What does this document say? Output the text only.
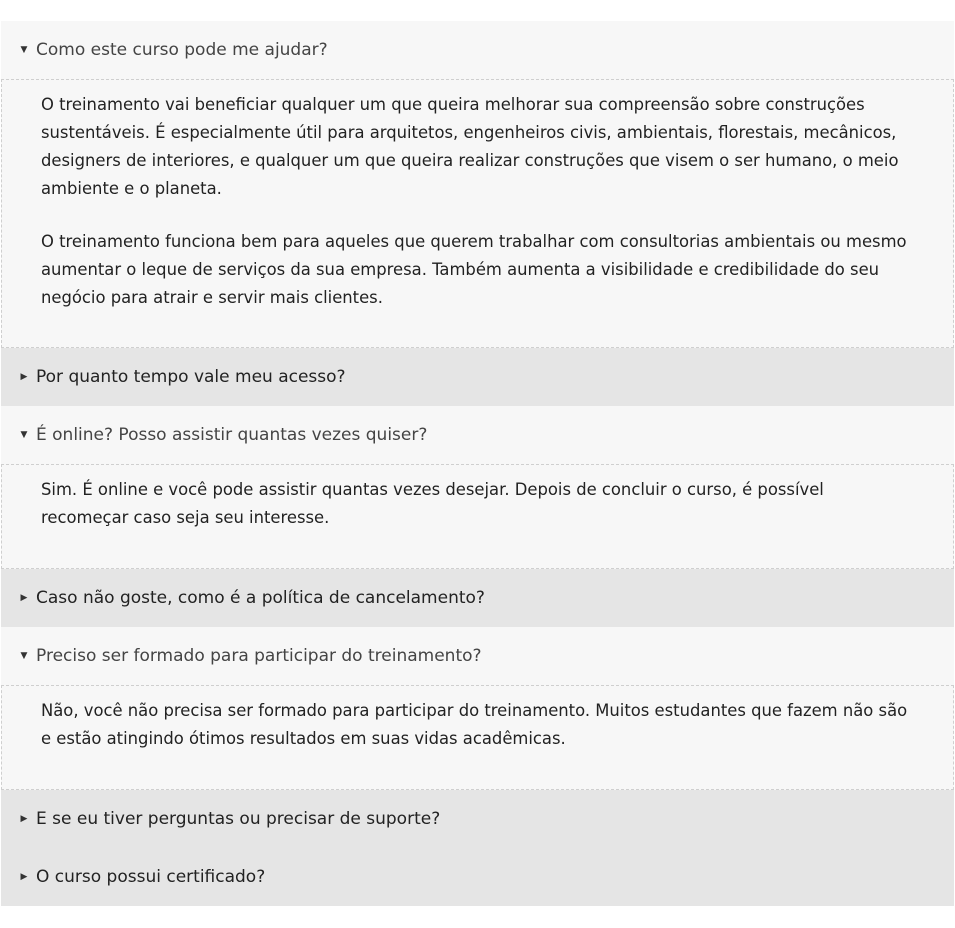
▼ Como este curso pode me ajudar?

O treinamento vai beneficiar qualquer um que queira melhorar sua compreensão sobre construções sustentáveis. É especialmente útil para arquitetos, engenheiros civis, ambientais, florestais, mecânicos, designers de interiores, e qualquer um que queira realizar construções que visem o ser humano, o meio ambiente e o planeta.

O treinamento funciona bem para aqueles que querem trabalhar com consultorias ambientais ou mesmo aumentar o leque de serviços da sua empresa. Também aumenta a visibilidade e credibilidade do seu negócio para atrair e servir mais clientes.

▶ Por quanto tempo vale meu acesso?
▼ É online? Posso assistir quantas vezes quiser?

Sim. É online e você pode assistir quantas vezes desejar. Depois de concluir o curso, é possível recomeçar caso seja seu interesse.

▶ Caso não goste, como é a política de cancelamento?
▼ Preciso ser formado para participar do treinamento?

Não, você não precisa ser formado para participar do treinamento. Muitos estudantes que fazem não são e estão atingindo ótimos resultados em suas vidas acadêmicas.

▶ E se eu tiver perguntas ou precisar de suporte?
▶ O curso possui certificado?
